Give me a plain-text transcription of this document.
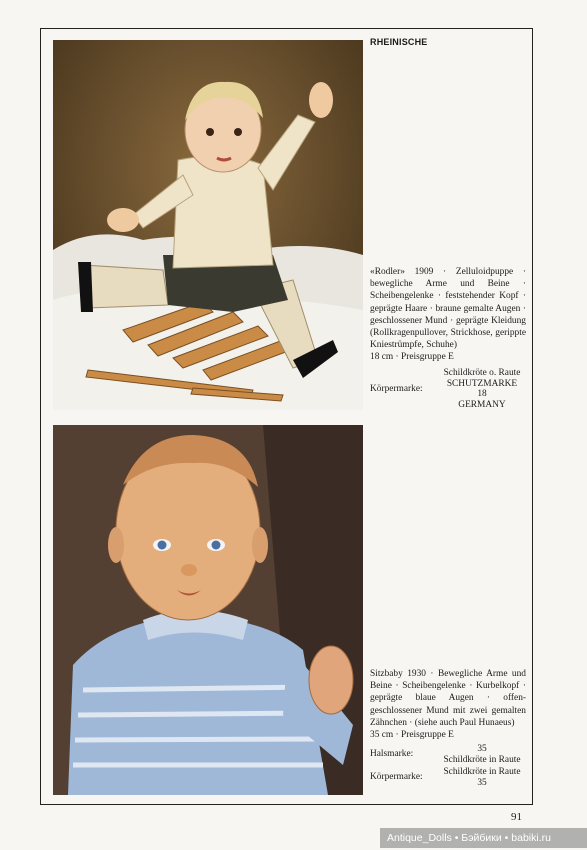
RHEINISCHE
«Rodler» 1909 · Zelluloidpuppe · bewegliche Arme und Beine · Scheibengelenke · feststehender Kopf · geprägte Haare · braune gemalte Augen · geschlossener Mund · geprägte Kleidung (Rollkragenpullover, Strickhose, gerippte Kniestrümpfe, Schuhe)
18 cm · Preisgruppe E
Körpermarke:
Schildkröte o. Raute
SCHUTZMARKE
18
GERMANY
Sitzbaby 1930 · Bewegliche Arme und Beine · Scheibengelenke · Kurbelkopf · geprägte blaue Augen · offen-geschlossener Mund mit zwei gemalten Zähnchen · (siehe auch Paul Hunaeus)
35 cm · Preisgruppe E
Halsmarke:
35
Schildkröte in Raute
Körpermarke:
Schildkröte in Raute
35
91
Antique_Dolls • Бэйбики • babiki.ru
